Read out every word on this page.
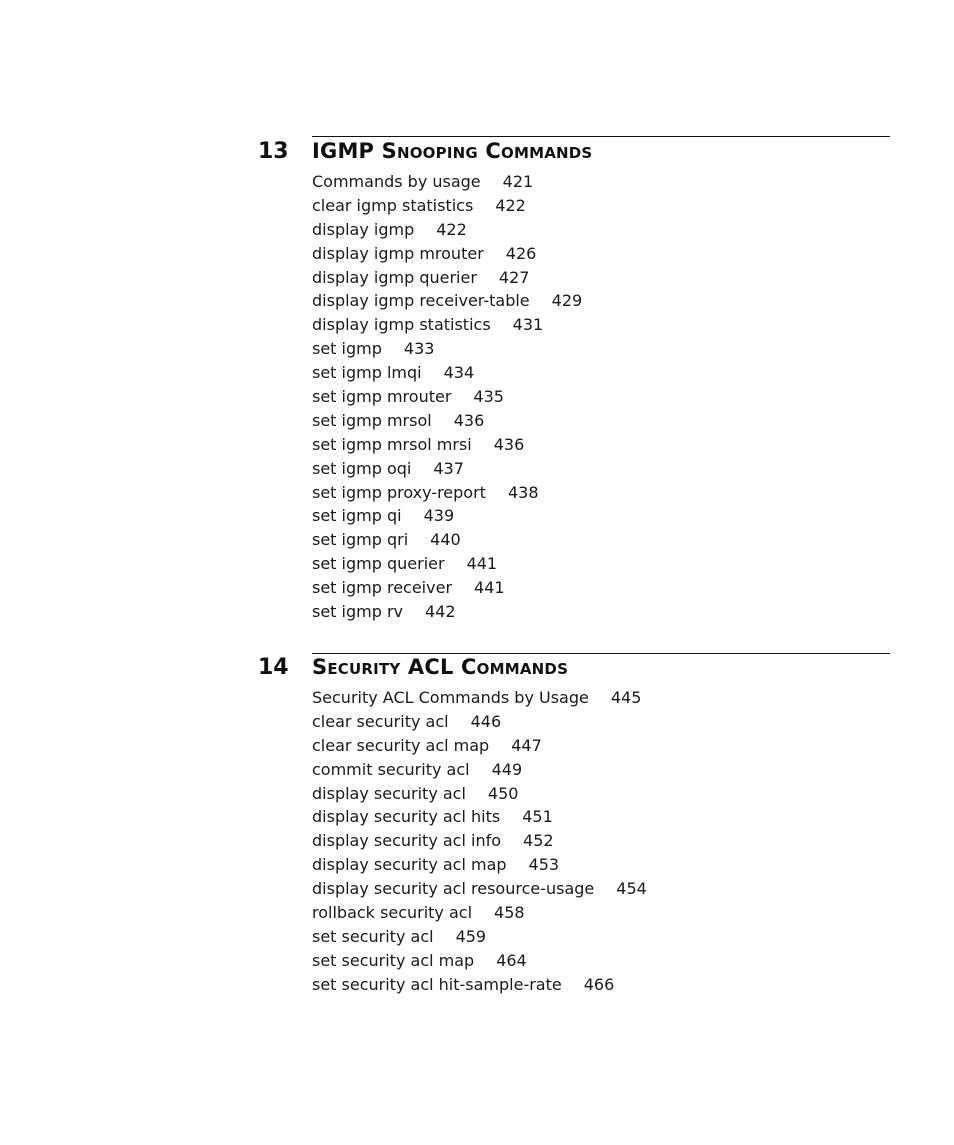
13 IGMP Snooping Commands
Commands by usage 421
clear igmp statistics 422
display igmp 422
display igmp mrouter 426
display igmp querier 427
display igmp receiver-table 429
display igmp statistics 431
set igmp 433
set igmp lmqi 434
set igmp mrouter 435
set igmp mrsol 436
set igmp mrsol mrsi 436
set igmp oqi 437
set igmp proxy-report 438
set igmp qi 439
set igmp qri 440
set igmp querier 441
set igmp receiver 441
set igmp rv 442
14 Security ACL Commands
Security ACL Commands by Usage 445
clear security acl 446
clear security acl map 447
commit security acl 449
display security acl 450
display security acl hits 451
display security acl info 452
display security acl map 453
display security acl resource-usage 454
rollback security acl 458
set security acl 459
set security acl map 464
set security acl hit-sample-rate 466
